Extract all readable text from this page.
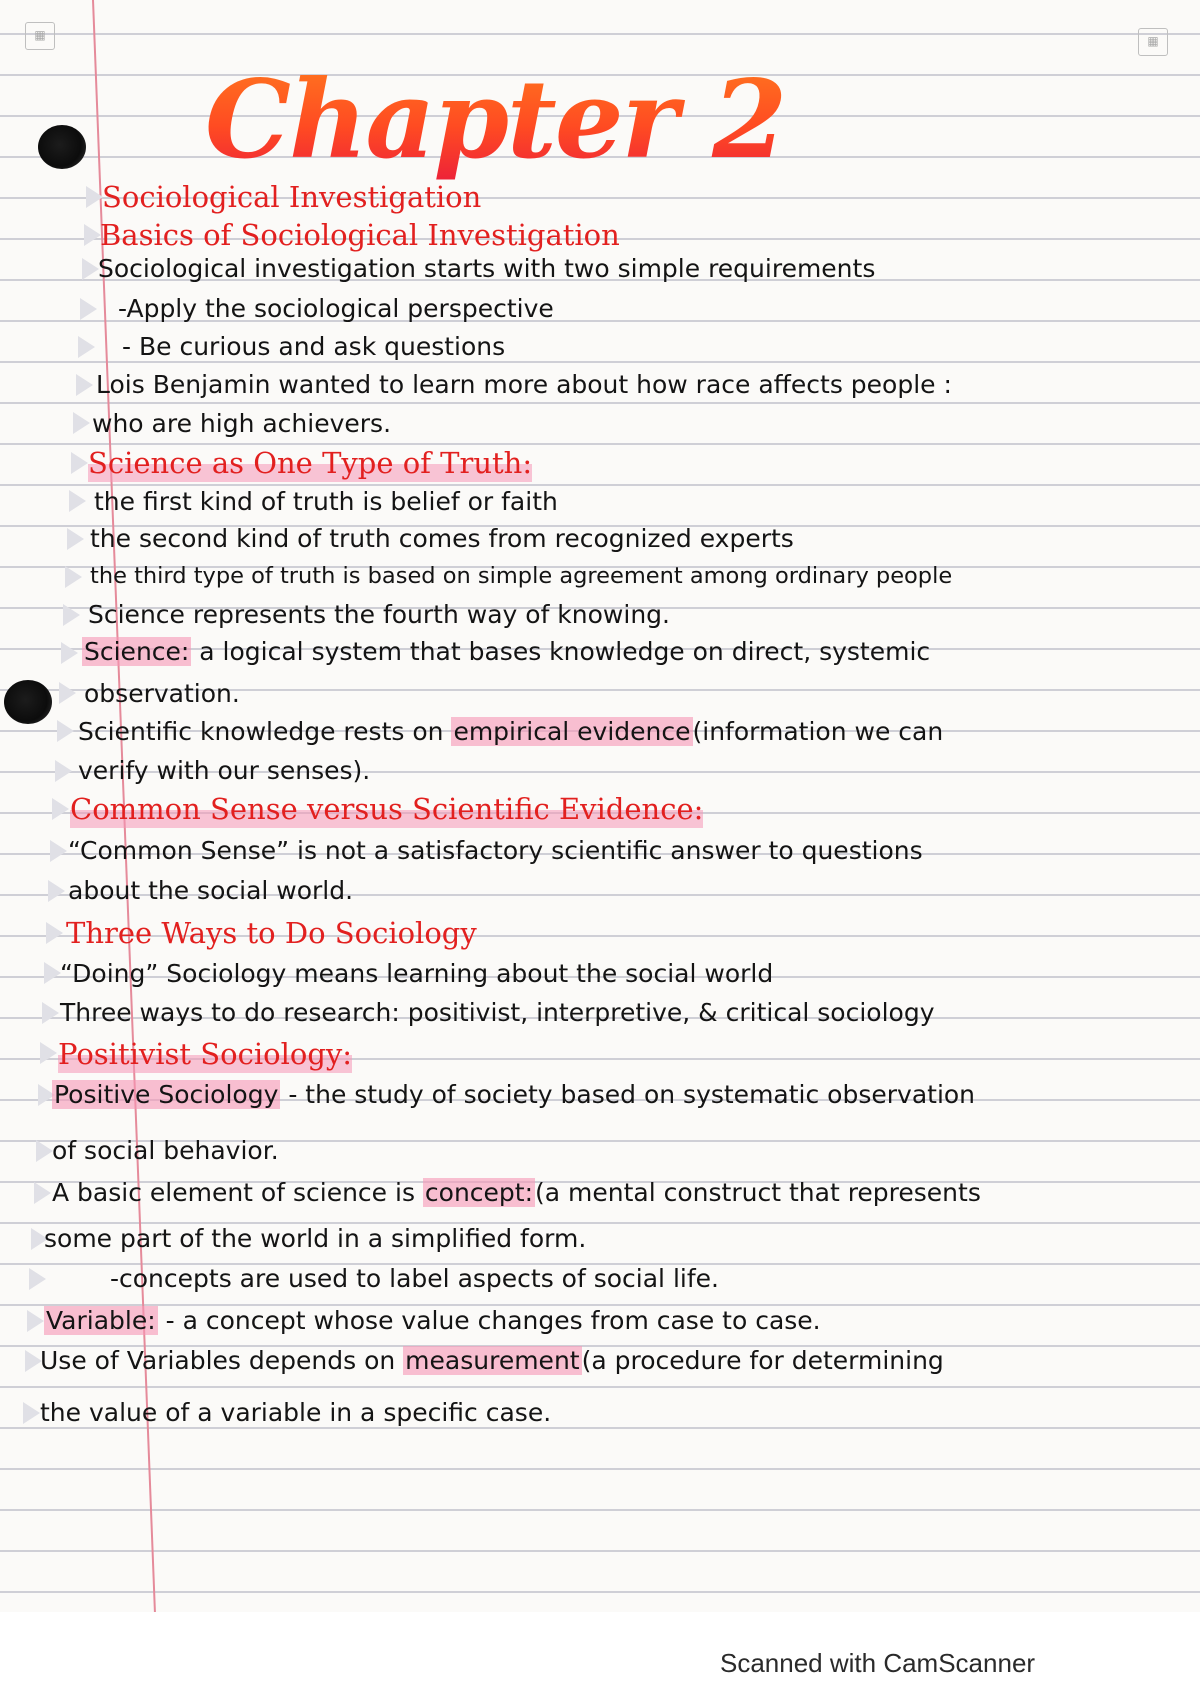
▦	▦
Chapter 2
Sociological Investigation
Basics of Sociological Investigation
Sociological investigation starts with two simple requirements
-Apply the sociological perspective
- Be curious and ask questions
Lois Benjamin wanted to learn more about how race affects people :
who are high achievers.
Science as One Type of Truth:
the first kind of truth is belief or faith
the second kind of truth comes from recognized experts
the third type of truth is based on simple agreement among ordinary people
Science represents the fourth way of knowing.
Science: a logical system that bases knowledge on direct, systemic
observation.
Scientific knowledge rests on empirical evidence(information we can
verify with our senses).
Common Sense versus Scientific Evidence:
“Common Sense” is not a satisfactory scientific answer to questions
about the social world.
Three Ways to Do Sociology
“Doing” Sociology means learning about the social world
Three ways to do research: positivist, interpretive, & critical sociology
Positivist Sociology:
Positive Sociology - the study of society based on systematic observation
of social behavior.
A basic element of science is concept:(a mental construct that represents
some part of the world in a simplified form.
-concepts are used to label aspects of social life.
Variable: - a concept whose value changes from case to case.
Use of Variables depends on measurement(a procedure for determining
the value of a variable in a specific case.
Scanned with CamScanner
